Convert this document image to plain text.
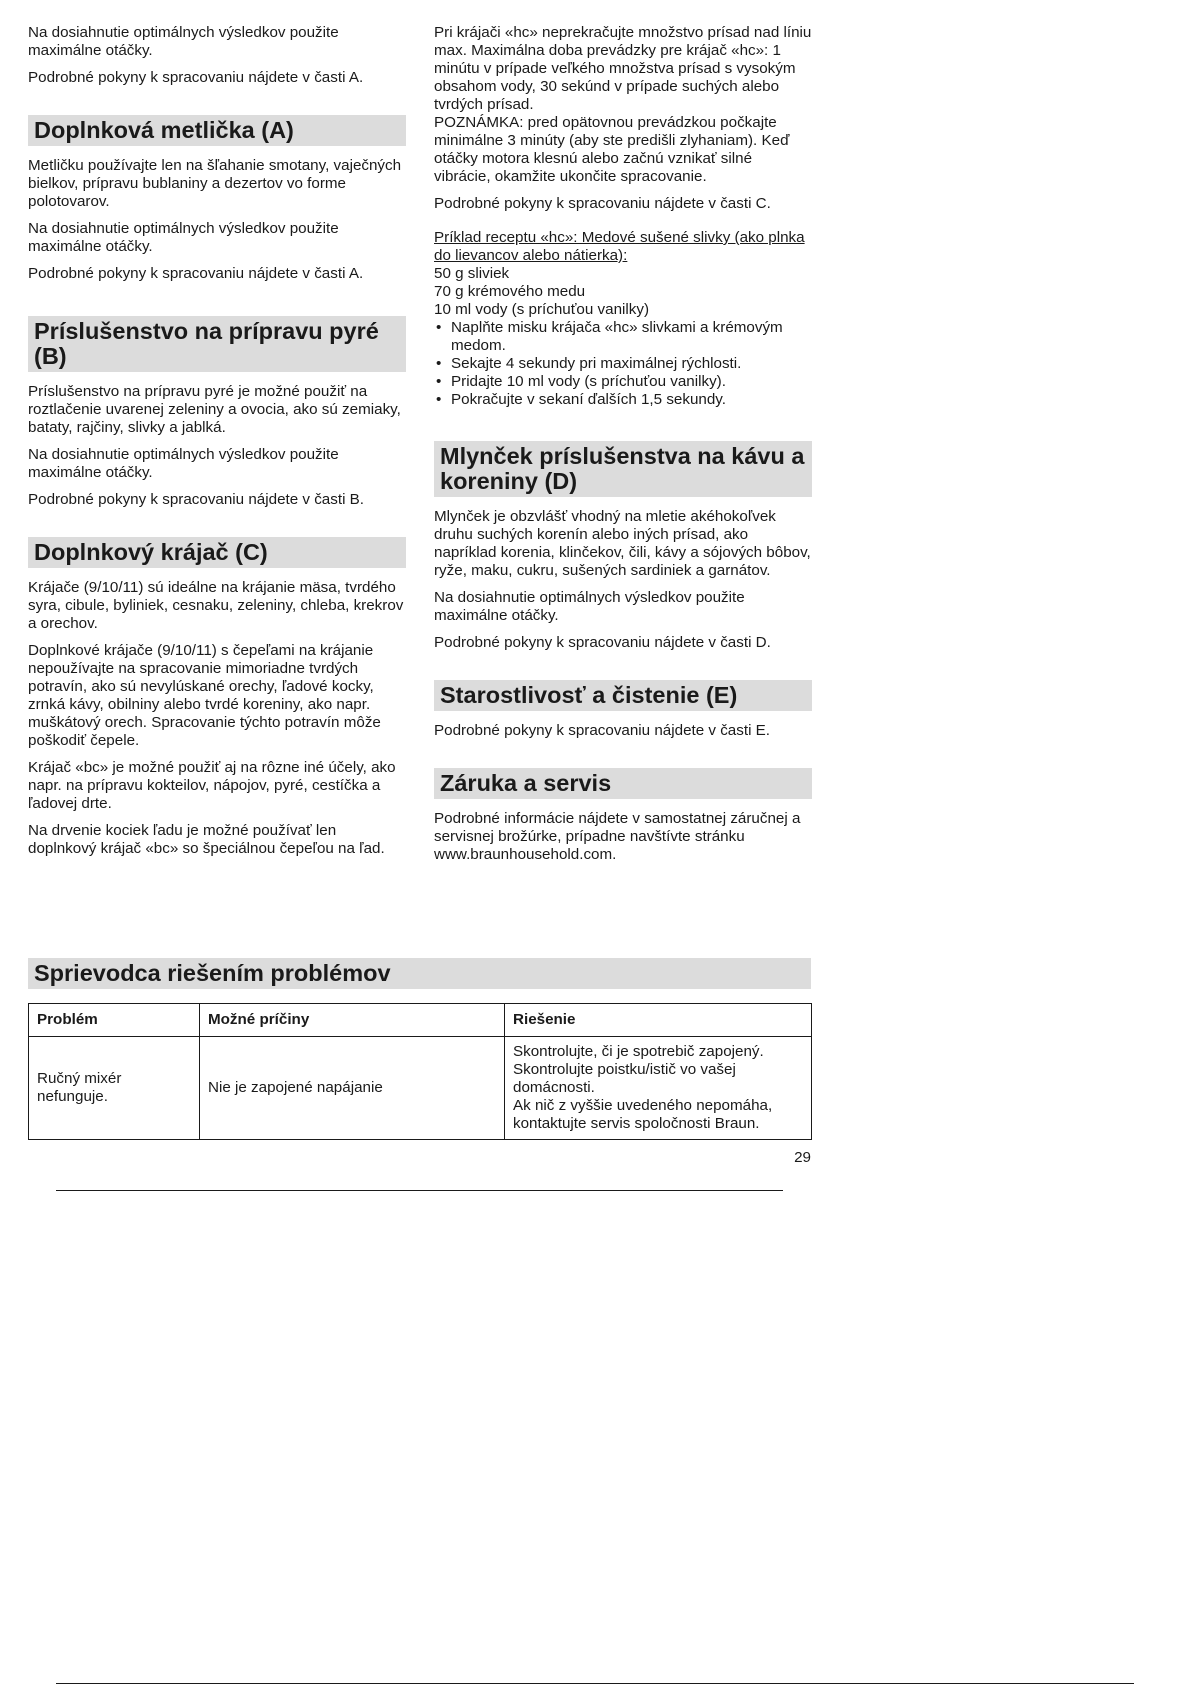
Na dosiahnutie optimálnych výsledkov použite maximálne otáčky.

Podrobné pokyny k spracovaniu nájdete v časti A.

Doplnková metlička (A)

Metličku používajte len na šľahanie smotany, vaječných bielkov, prípravu bublaniny a dezertov vo forme polotovarov.

Na dosiahnutie optimálnych výsledkov použite maximálne otáčky.

Podrobné pokyny k spracovaniu nájdete v časti A.

Príslušenstvo na prípravu pyré (B)

Príslušenstvo na prípravu pyré je možné použiť na roztlačenie uvarenej zeleniny a ovocia, ako sú zemiaky, bataty, rajčiny, slivky a jablká.

Na dosiahnutie optimálnych výsledkov použite maximálne otáčky.

Podrobné pokyny k spracovaniu nájdete v časti B.

Doplnkový krájač (C)

Krájače (9/10/11) sú ideálne na krájanie mäsa, tvrdého syra, cibule, byliniek, cesnaku, zeleniny, chleba, krekrov a orechov.

Doplnkové krájače (9/10/11) s čepeľami na krájanie nepoužívajte na spracovanie mimoriadne tvrdých potravín, ako sú nevylúskané orechy, ľadové kocky, zrnká kávy, obilniny alebo tvrdé koreniny, ako napr. muškátový orech. Spracovanie týchto potravín môže poškodiť čepele.

Krájač «bc» je možné použiť aj na rôzne iné účely, ako napr. na prípravu kokteilov, nápojov, pyré, cestíčka a ľadovej drte.

Na drvenie kociek ľadu je možné používať len doplnkový krájač «bc» so špeciálnou čepeľou na ľad.

Pri krájači «hc» neprekračujte množstvo prísad nad líniu max. Maximálna doba prevádzky pre krájač «hc»: 1 minútu v prípade veľkého množstva prísad s vysokým obsahom vody, 30 sekúnd v prípade suchých alebo tvrdých prísad.

POZNÁMKA: pred opätovnou prevádzkou počkajte minimálne 3 minúty (aby ste predišli zlyhaniam). Keď otáčky motora klesnú alebo začnú vznikať silné vibrácie, okamžite ukončite spracovanie.

Podrobné pokyny k spracovaniu nájdete v časti C.

Príklad receptu «hc»: Medové sušené slivky (ako plnka do lievancov alebo nátierka):

50 g sliviek

70 g krémového medu

10 ml vody (s príchuťou vanilky)

• Naplňte misku krájača «hc» slivkami a krémovým medom.
• Sekajte 4 sekundy pri maximálnej rýchlosti.
• Pridajte 10 ml vody (s príchuťou vanilky).
• Pokračujte v sekaní ďalších 1,5 sekundy.
Mlynček príslušenstva na kávu a koreniny (D)

Mlynček je obzvlášť vhodný na mletie akéhokoľvek druhu suchých korenín alebo iných prísad, ako napríklad korenia, klinčekov, čili, kávy a sójových bôbov, ryže, maku, cukru, sušených sardiniek a garnátov.

Na dosiahnutie optimálnych výsledkov použite maximálne otáčky.

Podrobné pokyny k spracovaniu nájdete v časti D.

Starostlivosť a čistenie (E)

Podrobné pokyny k spracovaniu nájdete v časti E.

Záruka a servis

Podrobné informácie nájdete v samostatnej záručnej a servisnej brožúrke, prípadne navštívte stránku www.braunhousehold.com.

Sprievodca riešením problémov
Problém	Možné príčiny	Riešenie
Ručný mixér nefunguje.	Nie je zapojené napájanie	Skontrolujte, či je spotrebič zapojený.
Skontrolujte poistku/istič vo vašej domácnosti.
Ak nič z vyššie uvedeného nepomáha, kontaktujte servis spoločnosti Braun.
29
